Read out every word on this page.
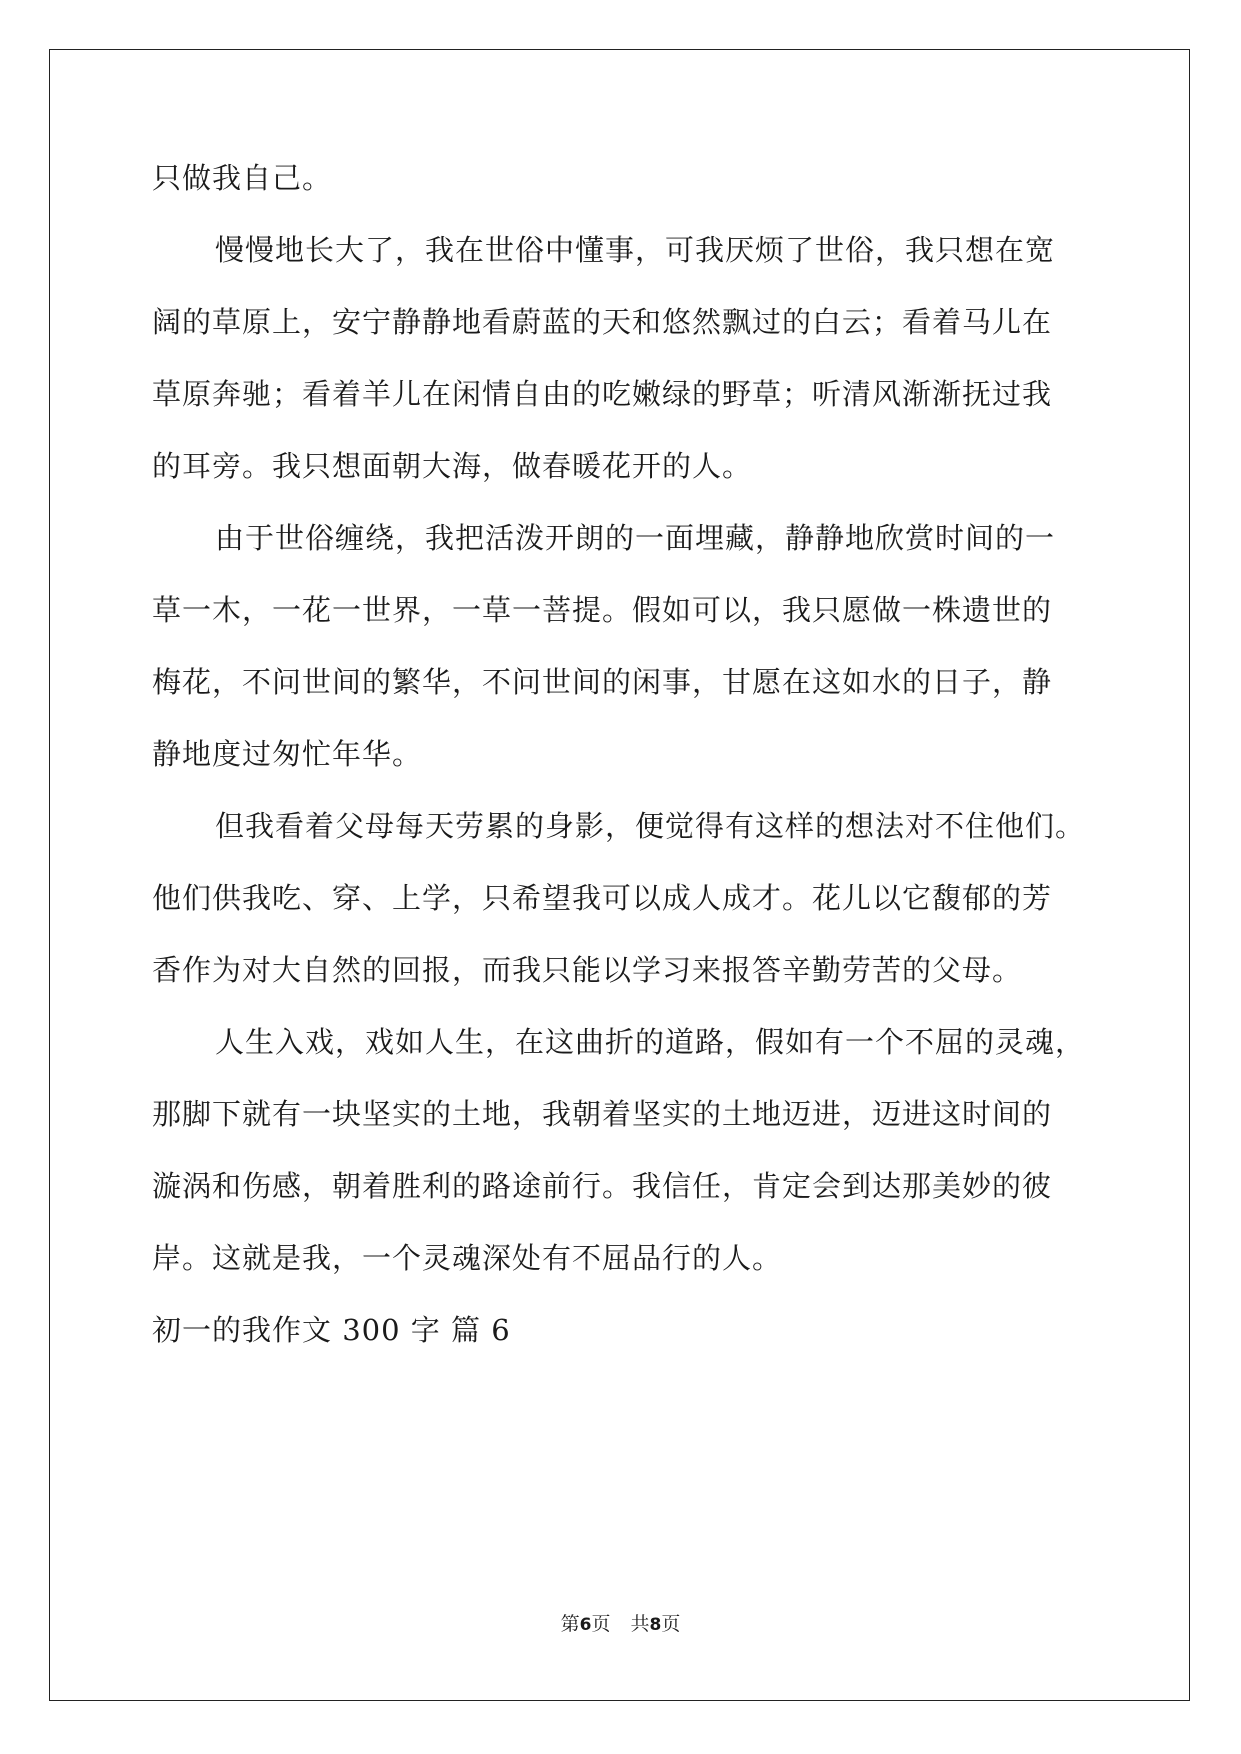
只做我自己。
慢慢地长大了，我在世俗中懂事，可我厌烦了世俗，我只想在宽
阔的草原上，安宁静静地看蔚蓝的天和悠然飘过的白云；看着马儿在
草原奔驰；看着羊儿在闲情自由的吃嫩绿的野草；听清风渐渐抚过我
的耳旁。我只想面朝大海，做春暖花开的人。
由于世俗缠绕，我把活泼开朗的一面埋藏，静静地欣赏时间的一
草一木，一花一世界，一草一菩提。假如可以，我只愿做一株遗世的
梅花，不问世间的繁华，不问世间的闲事，甘愿在这如水的日子，静
静地度过匆忙年华。
但我看着父母每天劳累的身影，便觉得有这样的想法对不住他们。
他们供我吃、穿、上学，只希望我可以成人成才。花儿以它馥郁的芳
香作为对大自然的回报，而我只能以学习来报答辛勤劳苦的父母。
人生入戏，戏如人生，在这曲折的道路，假如有一个不屈的灵魂，
那脚下就有一块坚实的土地，我朝着坚实的土地迈进，迈进这时间的
漩涡和伤感，朝着胜利的路途前行。我信任，肯定会到达那美妙的彼
岸。这就是我，一个灵魂深处有不屈品行的人。
初一的我作文 300 字 篇 6
第6页 共8页
